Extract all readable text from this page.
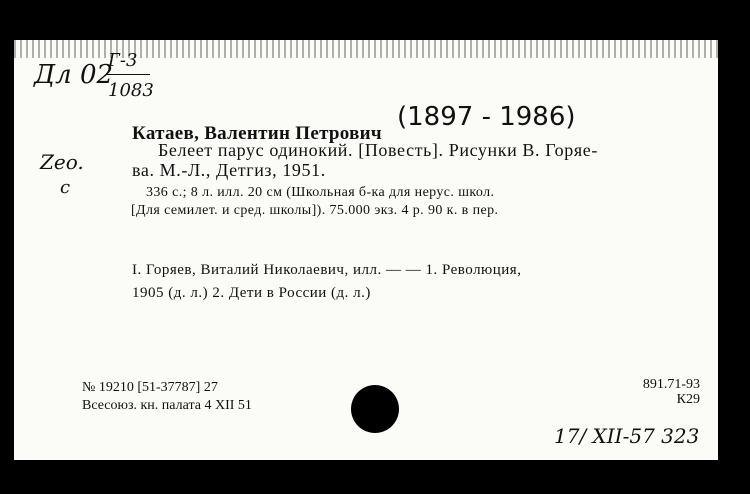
Дл 02
Г-3
1083
Zeo.
c
Катаев, Валентин Петрович
(1897 - 1986)
Белеет парус одинокий. [Повесть]. Рисунки В. Горяе-
ва. М.-Л., Детгиз, 1951.
336 с.; 8 л. илл. 20 см (Школьная б-ка для нерус. школ.
[Для семилет. и сред. школы]). 75.000 экз. 4 р. 90 к. в пер.
I. Горяев, Виталий Николаевич, илл. — — 1. Революция,
1905 (д. л.) 2. Дети в России (д. л.)
№ 19210 [51-37787] 27
Всесоюз. кн. палата 4 XII 51
891.71-93
К29
17/ XII-57 323
